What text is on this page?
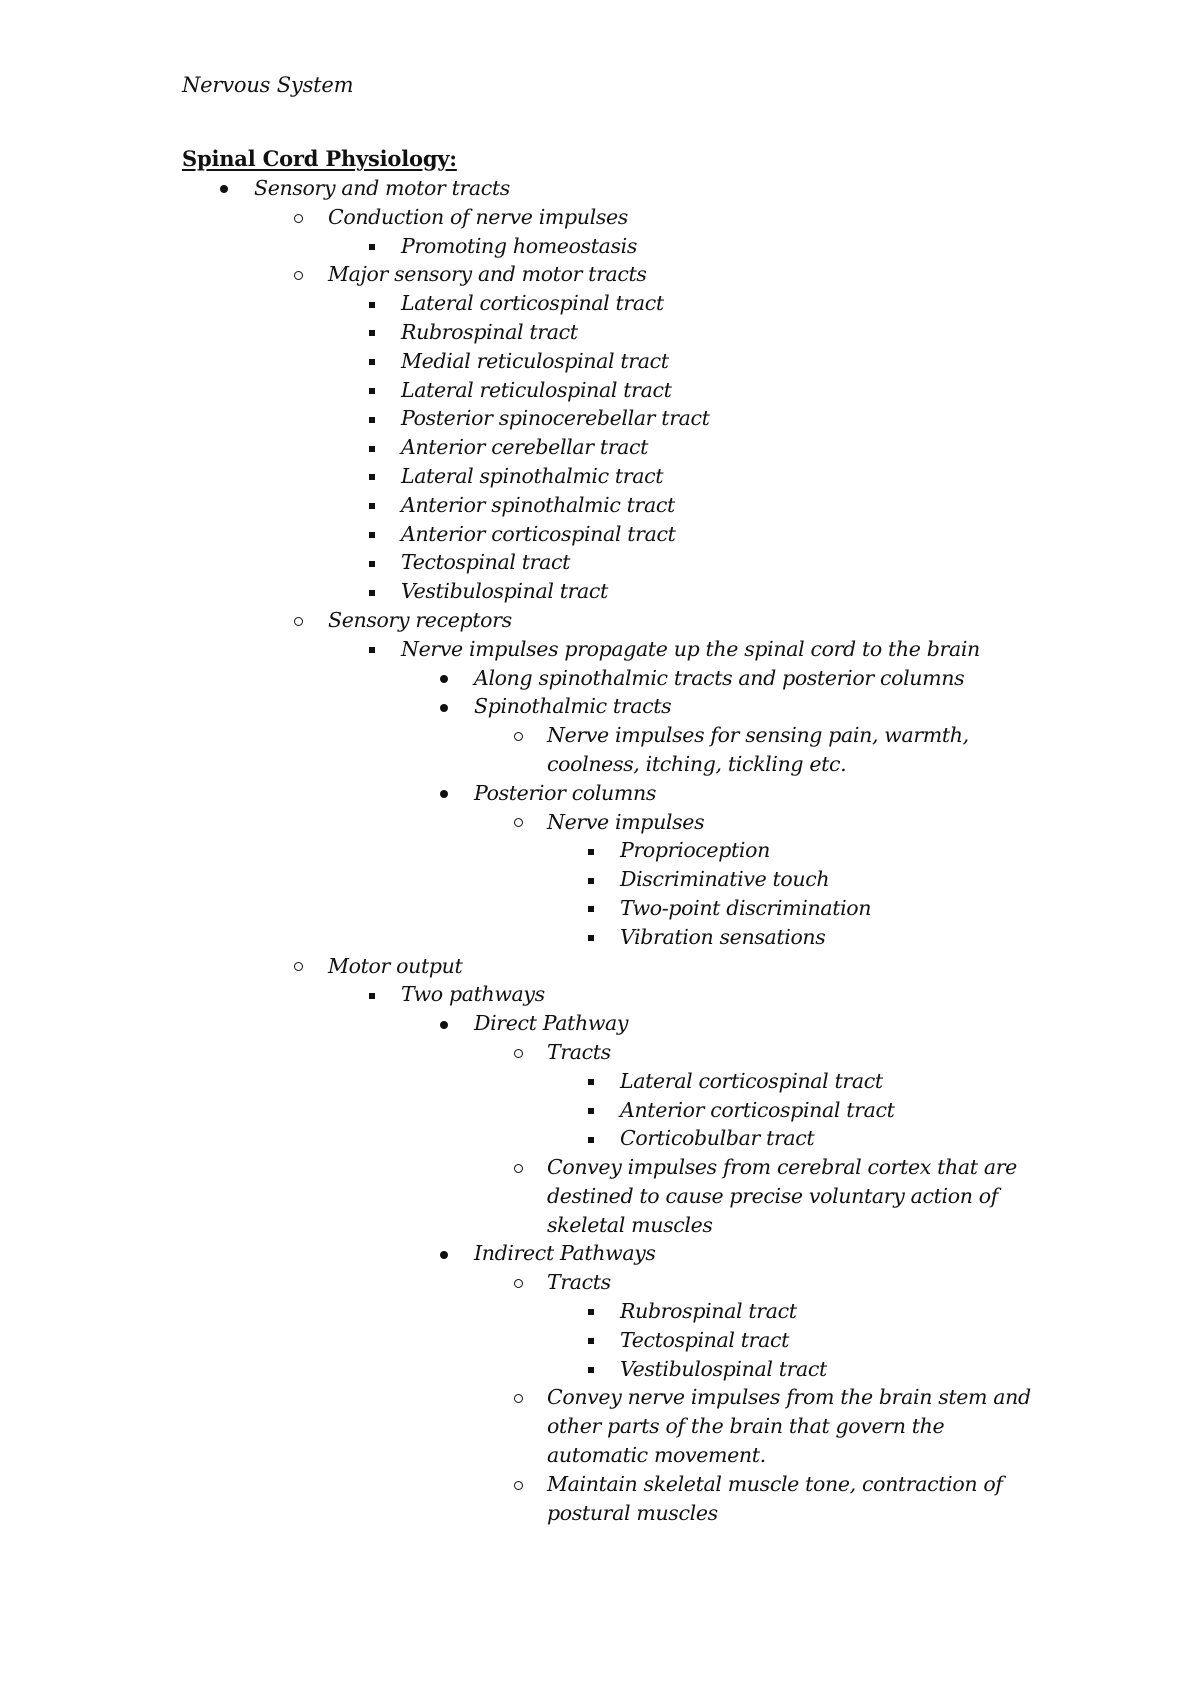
Nervous System
Spinal Cord Physiology:
Sensory and motor tracts
Conduction of nerve impulses
Promoting homeostasis
Major sensory and motor tracts
Lateral corticospinal tract
Rubrospinal tract
Medial reticulospinal tract
Lateral reticulospinal tract
Posterior spinocerebellar tract
Anterior cerebellar tract
Lateral spinothalmic tract
Anterior spinothalmic tract
Anterior corticospinal tract
Tectospinal tract
Vestibulospinal tract
Sensory receptors
Nerve impulses propagate up the spinal cord to the brain
Along spinothalmic tracts and posterior columns
Spinothalmic tracts
Nerve impulses for sensing pain, warmth,
coolness, itching, tickling etc.
Posterior columns
Nerve impulses
Proprioception
Discriminative touch
Two-point discrimination
Vibration sensations
Motor output
Two pathways
Direct Pathway
Tracts
Lateral corticospinal tract
Anterior corticospinal tract
Corticobulbar tract
Convey impulses from cerebral cortex that are
destined to cause precise voluntary action of
skeletal muscles
Indirect Pathways
Tracts
Rubrospinal tract
Tectospinal tract
Vestibulospinal tract
Convey nerve impulses from the brain stem and
other parts of the brain that govern the
automatic movement.
Maintain skeletal muscle tone, contraction of
postural muscles
